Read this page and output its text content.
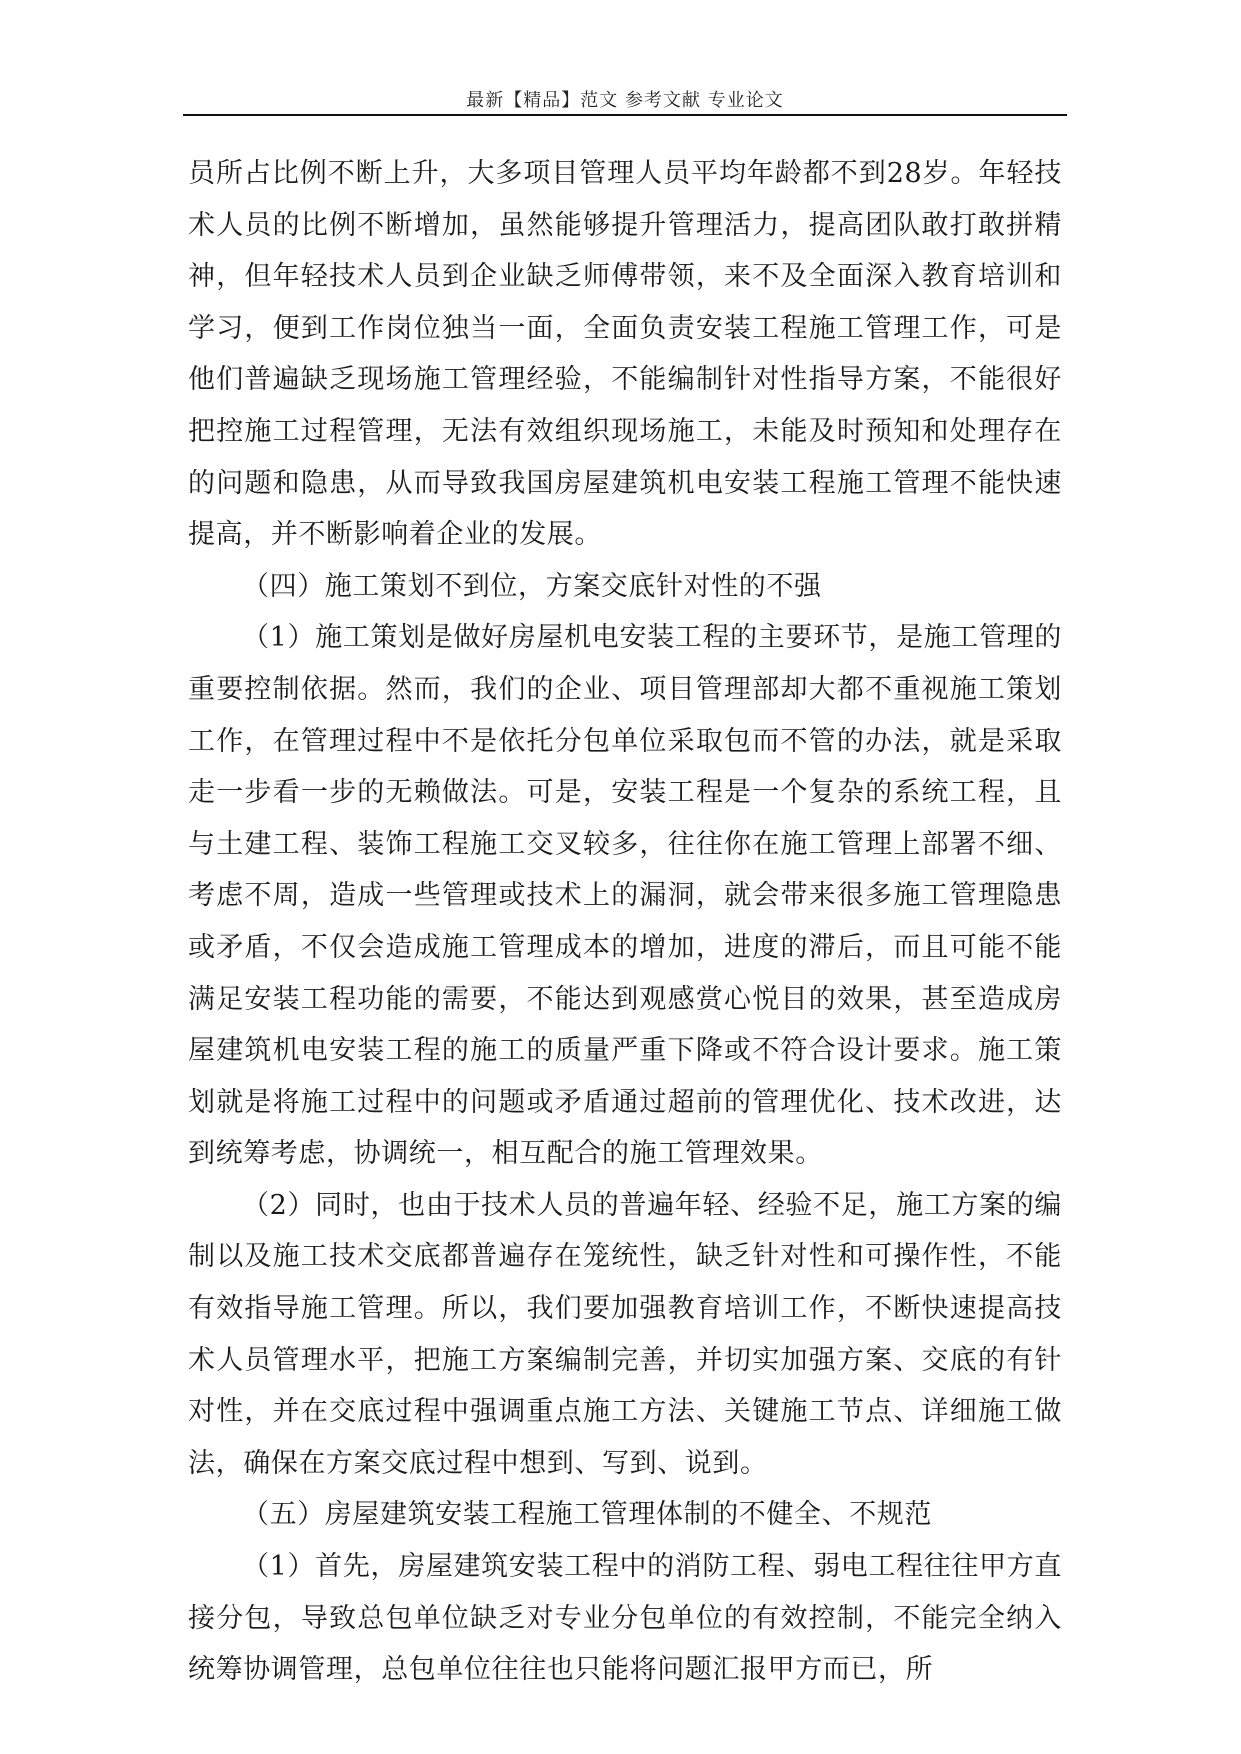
最新【精品】范文 参考文献 专业论文

员所占比例不断上升，大多项目管理人员平均年龄都不到28岁。年轻技术人员的比例不断增加，虽然能够提升管理活力，提高团队敢打敢拼精神，但年轻技术人员到企业缺乏师傅带领，来不及全面深入教育培训和学习，便到工作岗位独当一面，全面负责安装工程施工管理工作，可是他们普遍缺乏现场施工管理经验，不能编制针对性指导方案，不能很好把控施工过程管理，无法有效组织现场施工，未能及时预知和处理存在的问题和隐患，从而导致我国房屋建筑机电安装工程施工管理不能快速提高，并不断影响着企业的发展。

（四）施工策划不到位，方案交底针对性的不强

（1）施工策划是做好房屋机电安装工程的主要环节，是施工管理的重要控制依据。然而，我们的企业、项目管理部却大都不重视施工策划工作，在管理过程中不是依托分包单位采取包而不管的办法，就是采取走一步看一步的无赖做法。可是，安装工程是一个复杂的系统工程，且与土建工程、装饰工程施工交叉较多，往往你在施工管理上部署不细、考虑不周，造成一些管理或技术上的漏洞，就会带来很多施工管理隐患或矛盾，不仅会造成施工管理成本的增加，进度的滞后，而且可能不能满足安装工程功能的需要，不能达到观感赏心悦目的效果，甚至造成房屋建筑机电安装工程的施工的质量严重下降或不符合设计要求。施工策划就是将施工过程中的问题或矛盾通过超前的管理优化、技术改进，达到统筹考虑，协调统一，相互配合的施工管理效果。

（2）同时，也由于技术人员的普遍年轻、经验不足，施工方案的编制以及施工技术交底都普遍存在笼统性，缺乏针对性和可操作性，不能有效指导施工管理。所以，我们要加强教育培训工作，不断快速提高技术人员管理水平，把施工方案编制完善，并切实加强方案、交底的有针对性，并在交底过程中强调重点施工方法、关键施工节点、详细施工做法，确保在方案交底过程中想到、写到、说到。

（五）房屋建筑安装工程施工管理体制的不健全、不规范

（1）首先，房屋建筑安装工程中的消防工程、弱电工程往往甲方直接分包，导致总包单位缺乏对专业分包单位的有效控制，不能完全纳入统筹协调管理，总包单位往往也只能将问题汇报甲方而已，所
